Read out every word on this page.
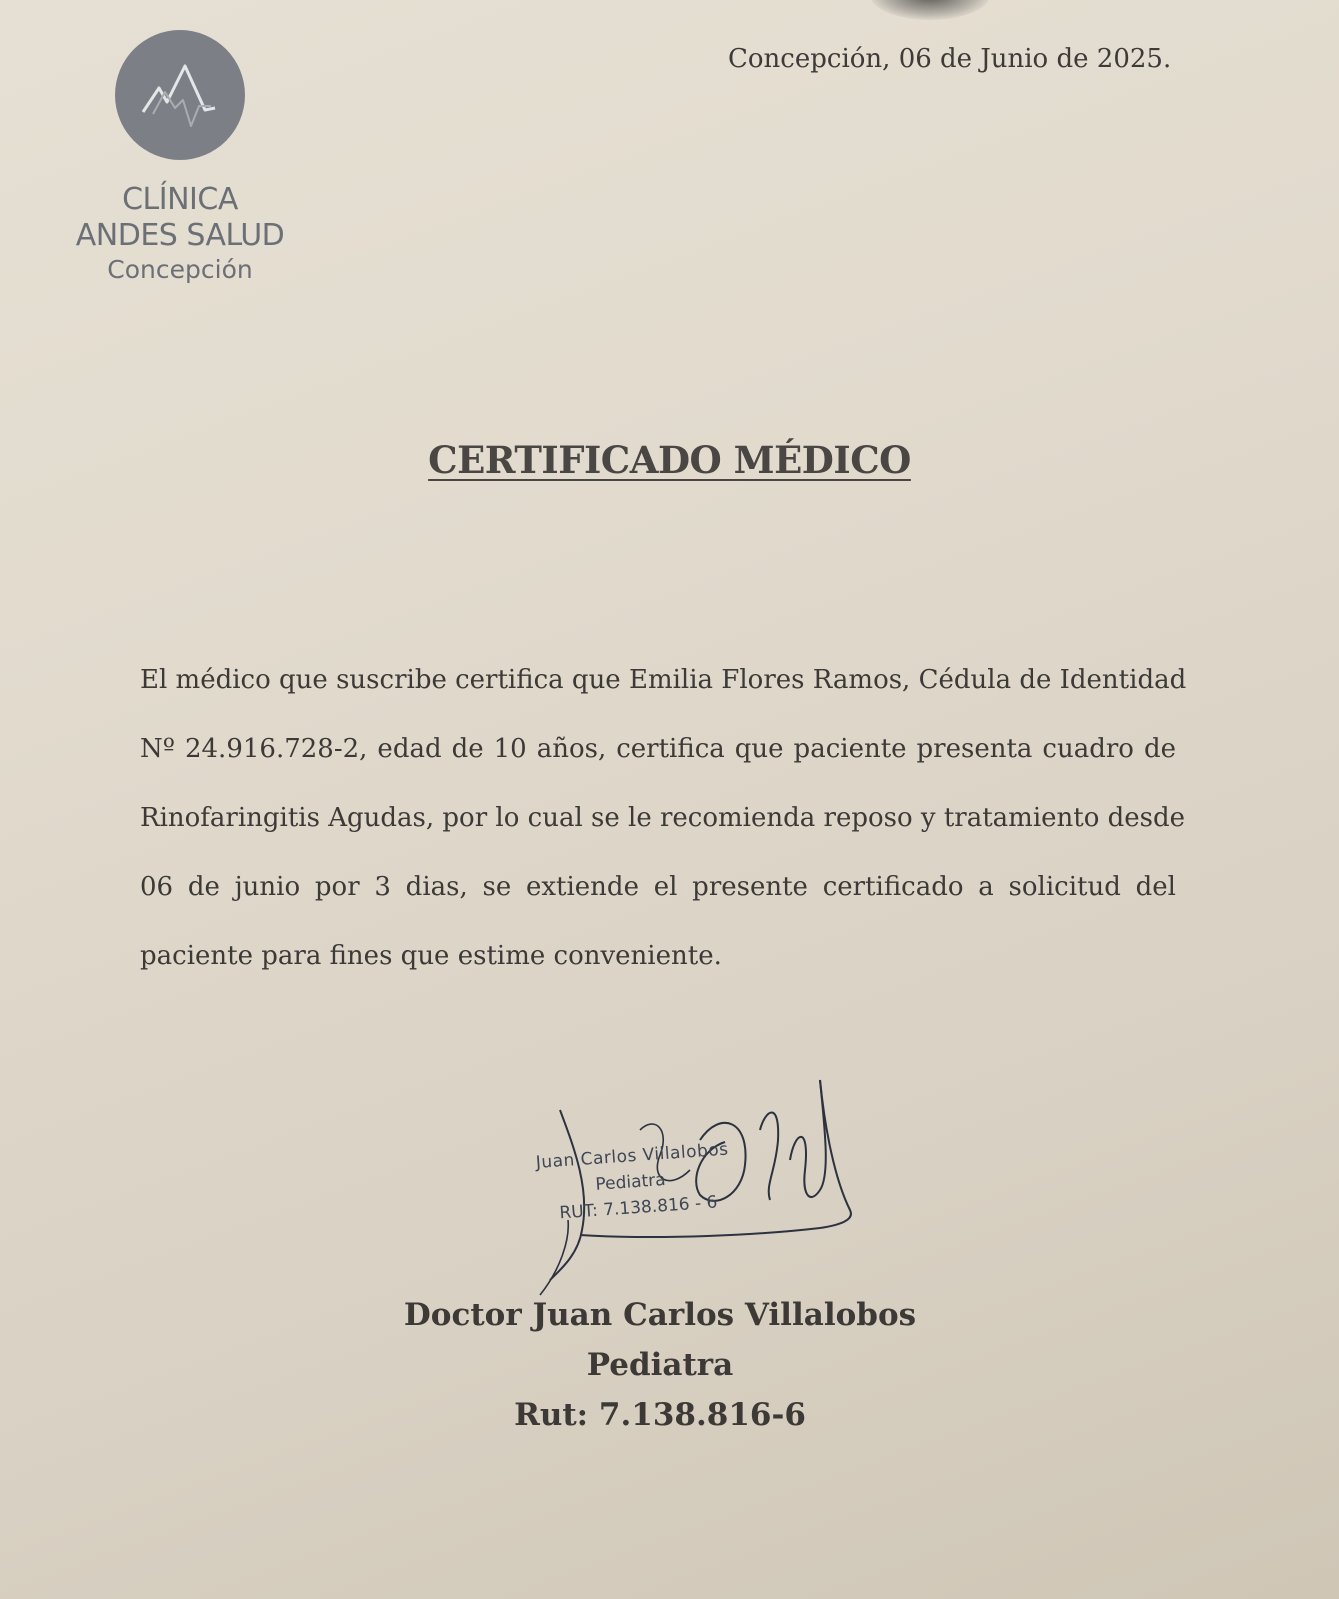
CLÍNICA
ANDES SALUD
Concepción
Concepción, 06 de Junio de 2025.
CERTIFICADO MÉDICO
El médico que suscribe certifica que Emilia Flores Ramos, Cédula de Identidad
Nº 24.916.728-2, edad de 10 años, certifica que paciente presenta cuadro de
Rinofaringitis Agudas, por lo cual se le recomienda reposo y tratamiento desde
06 de junio por 3 dias, se extiende el presente certificado a solicitud del
paciente para fines que estime conveniente.
Juan Carlos Villalobos
Pediatra
RUT: 7.138.816 - 6
Doctor Juan Carlos Villalobos
Pediatra
Rut: 7.138.816-6
